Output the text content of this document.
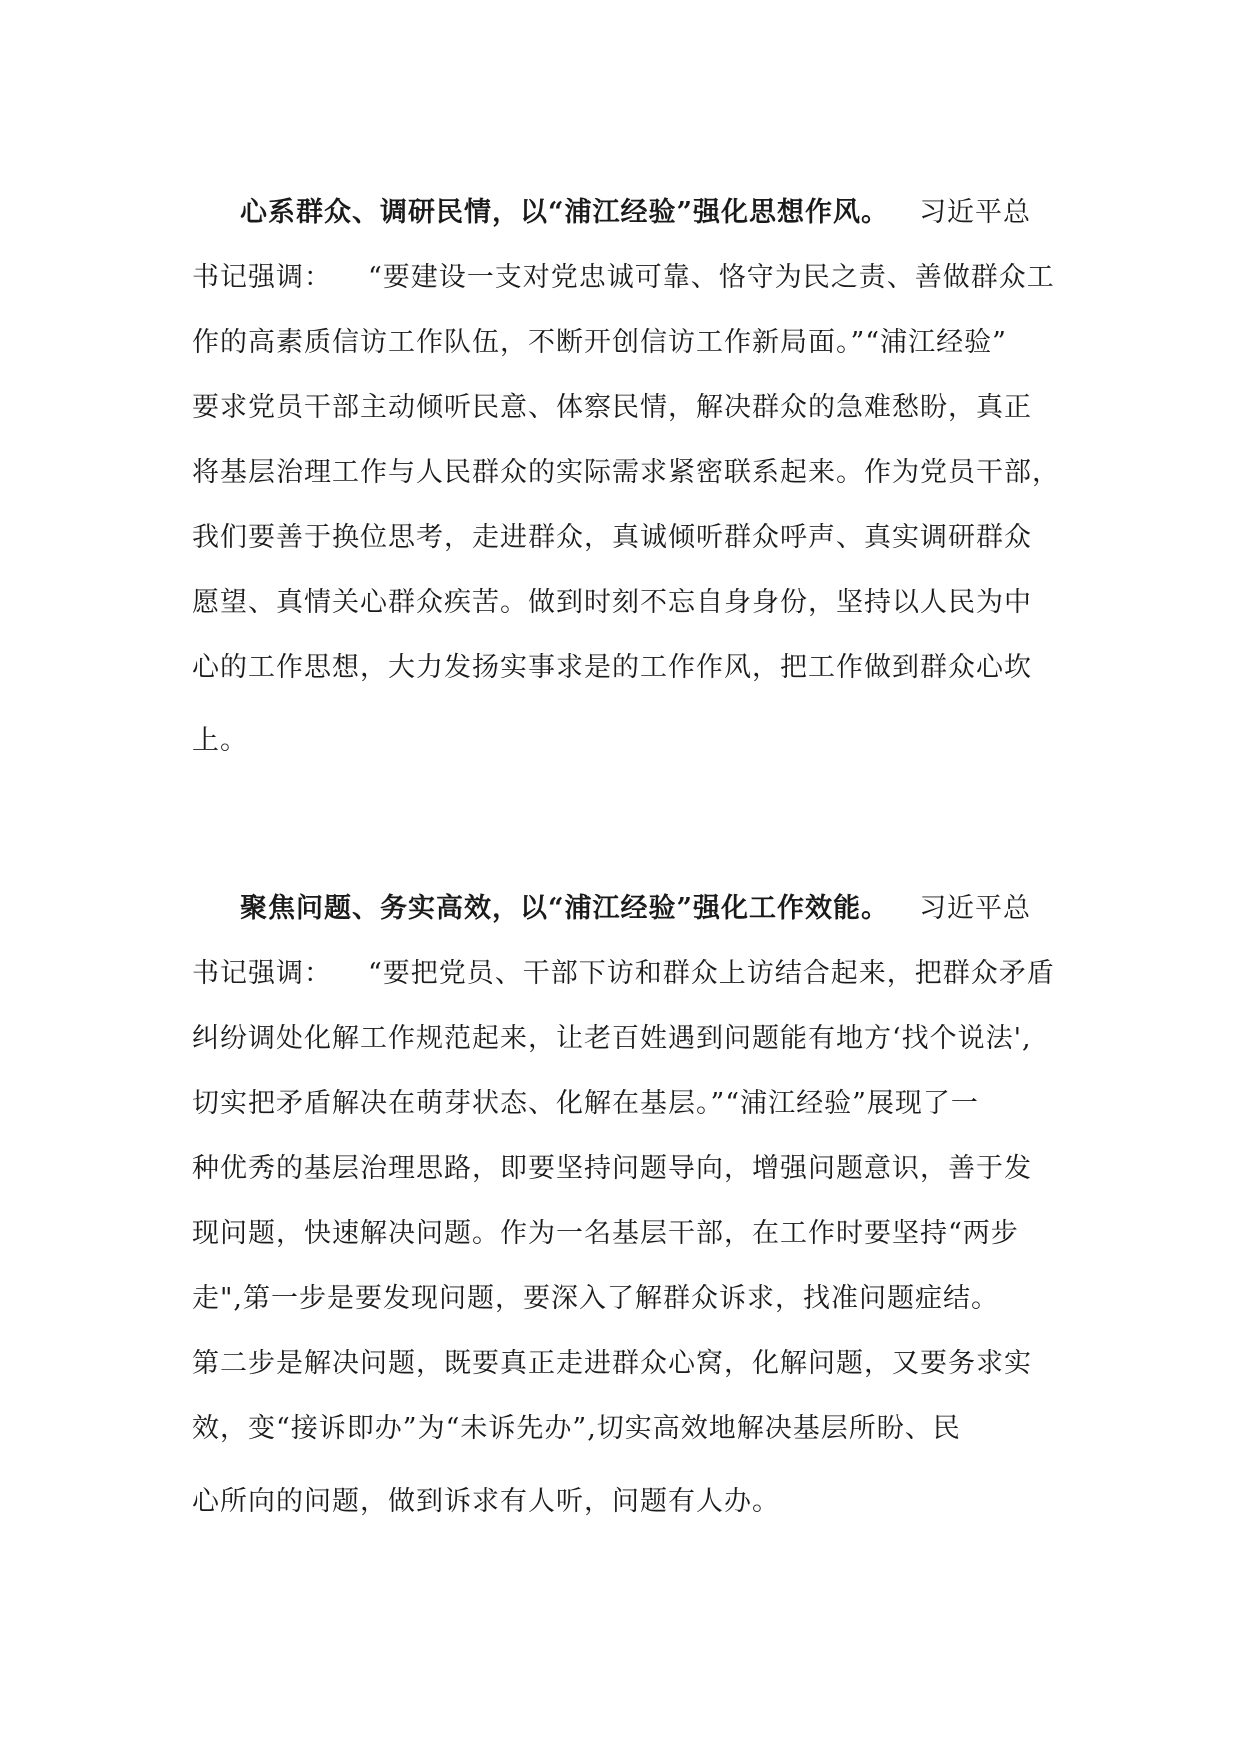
心系群众、调研民情，以“浦江经验”强化思想作风。 习近平总
书记强调： “要建设一支对党忠诚可靠、恪守为民之责、善做群众工
作的高素质信访工作队伍，不断开创信访工作新局面。”“浦江经验”
要求党员干部主动倾听民意、体察民情，解决群众的急难愁盼，真正
将基层治理工作与人民群众的实际需求紧密联系起来。作为党员干部，
我们要善于换位思考，走进群众，真诚倾听群众呼声、真实调研群众
愿望、真情关心群众疾苦。做到时刻不忘自身身份，坚持以人民为中
心的工作思想，大力发扬实事求是的工作作风，把工作做到群众心坎
上。
聚焦问题、务实高效，以“浦江经验”强化工作效能。 习近平总
书记强调： “要把党员、干部下访和群众上访结合起来，把群众矛盾
纠纷调处化解工作规范起来，让老百姓遇到问题能有地方‘找个说法',
切实把矛盾解决在萌芽状态、化解在基层。”“浦江经验”展现了一
种优秀的基层治理思路，即要坚持问题导向，增强问题意识，善于发
现问题，快速解决问题。作为一名基层干部，在工作时要坚持“两步
走",第一步是要发现问题，要深入了解群众诉求，找准问题症结。
第二步是解决问题，既要真正走进群众心窝，化解问题，又要务求实
效，变“接诉即办”为“未诉先办”,切实高效地解决基层所盼、民
心所向的问题，做到诉求有人听，问题有人办。
